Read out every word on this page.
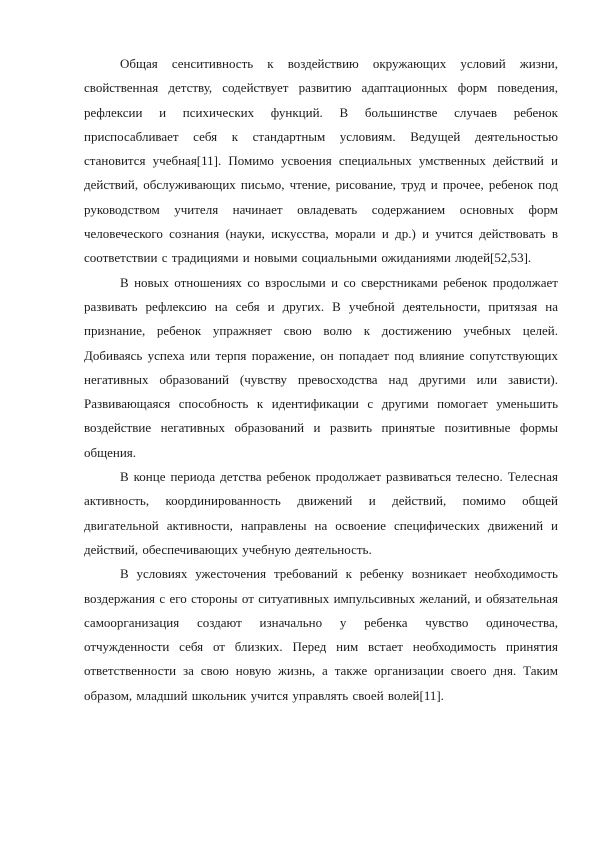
Общая сенситивность к воздействию окружающих условий жизни, свойственная детству, содействует развитию адаптационных форм поведения, рефлексии и психических функций. В большинстве случаев ребенок приспосабливает себя к стандартным условиям. Ведущей деятельностью становится учебная[11]. Помимо усвоения специальных умственных действий и действий, обслуживающих письмо, чтение, рисование, труд и прочее, ребенок под руководством учителя начинает овладевать содержанием основных форм человеческого сознания (науки, искусства, морали и др.) и учится действовать в соответствии с традициями и новыми социальными ожиданиями людей[52,53].

В новых отношениях со взрослыми и со сверстниками ребенок продолжает развивать рефлексию на себя и других. В учебной деятельности, притязая на признание, ребенок упражняет свою волю к достижению учебных целей. Добиваясь успеха или терпя поражение, он попадает под влияние сопутствующих негативных образований (чувству превосходства над другими или зависти). Развивающаяся способность к идентификации с другими помогает уменьшить воздействие негативных образований и развить принятые позитивные формы общения.

В конце периода детства ребенок продолжает развиваться телесно. Телесная активность, координированность движений и действий, помимо общей двигательной активности, направлены на освоение специфических движений и действий, обеспечивающих учебную деятельность.

В условиях ужесточения требований к ребенку возникает необходимость воздержания с его стороны от ситуативных импульсивных желаний, и обязательная самоорганизация создают изначально у ребенка чувство одиночества, отчужденности себя от близких. Перед ним встает необходимость принятия ответственности за свою новую жизнь, а также организации своего дня. Таким образом, младший школьник учится управлять своей волей[11].
